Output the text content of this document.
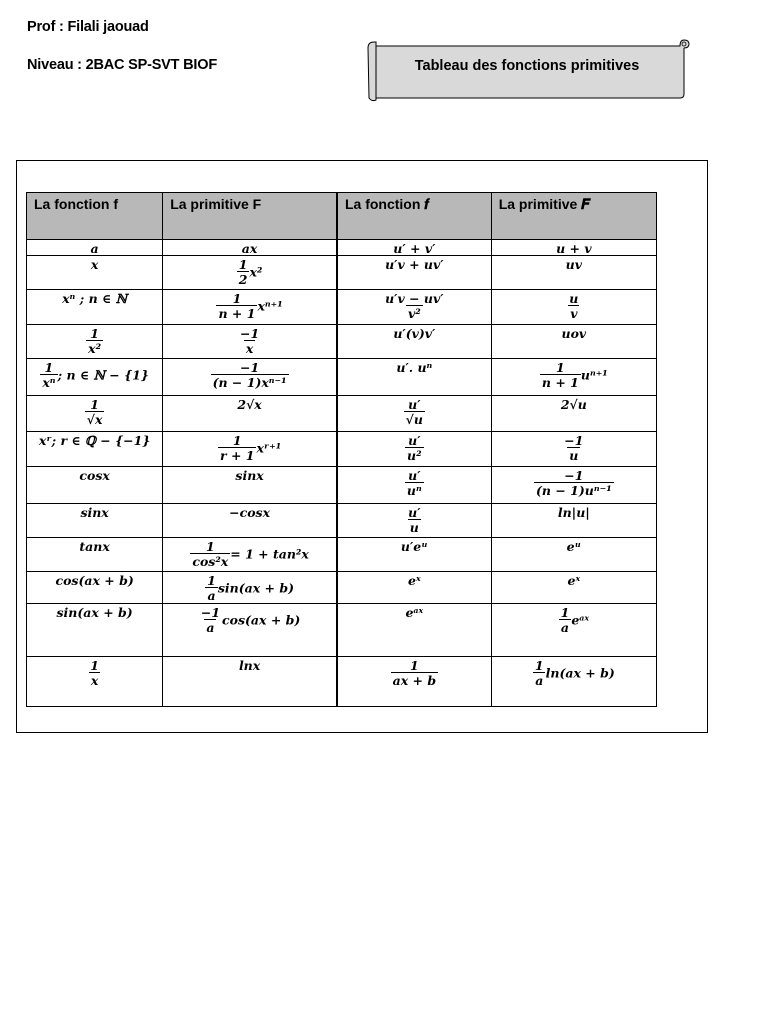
Prof : Filali jaouad
Niveau : 2BAC SP-SVT BIOF	Tableau des fonctions primitives
La fonction f	La primitive F	La fonction 𝒇	La primitive 𝑭

a	ax	u′ + v′	u + v

x	$\frac{1}{2} x^2$	u′v + uv′	uv

xⁿ ; n ∈ ℕ	$\frac{1}{n + 1} x^{n+1}$	$\frac{u'v - uv'}{\text{v²}}$	$\frac{u}{v}$

$\frac{1}{\text{x²}}$	$\frac{-1}{x}$	u′(v)v′	uov

$\frac{1}{\text{xⁿ}}$ ; n ∈ ℕ − {1}	$\frac{-1}{\text{(n − 1)xⁿ⁻¹}}$	u′. uⁿ	$\frac{1}{n + 1} u^{n+1}$

$\frac{1}{√x}$	2√x	$\frac{u'}{√u}$	2√u

xʳ; r ∈ ℚ − {−1}	$\frac{1}{r + 1}$ xʳ⁺¹	$\frac{u'}{\text{u²}}$	$\frac{-1}{u}$

cosx	sinx	$\frac{u'}{\text{uⁿ}}$	$\frac{-1}{\text{(n − 1)uⁿ⁻¹}}$

sinx	−cosx	$\frac{u'}{u}$	ln|u|

tanx	$\frac{1}{\text{cos²x}} = 1 + \tan^2x$	u′eᵘ	eᵘ

cos(ax + b)	$\frac{1}{a} \sin(ax + b)$	eˣ	eˣ

sin(ax + b)	$\frac{-1}{a} \cos(ax + b)$	eᵃˣ	$\frac{1}{a}$ eᵃˣ

$\frac{1}{x}$	lnx	$\frac{1}{ax + b}$	$\frac{1}{a} \ln(ax + b)$
